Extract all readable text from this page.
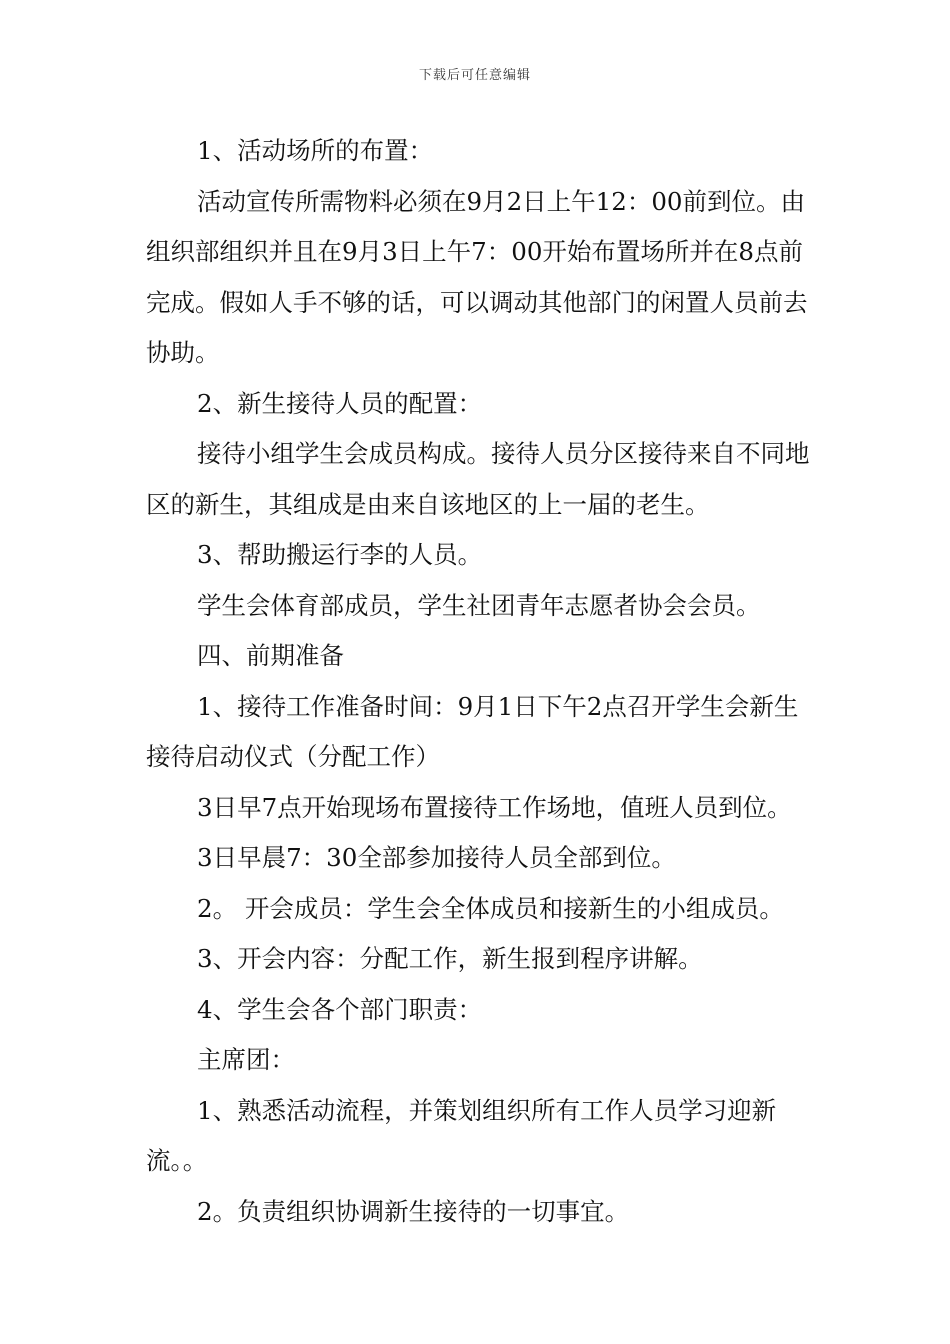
下载后可任意编辑

1、活动场所的布置：

活动宣传所需物料必须在9月2日上午12：00前到位。由组织部组织并且在9月3日上午7：00开始布置场所并在8点前完成。假如人手不够的话，可以调动其他部门的闲置人员前去协助。

2、新生接待人员的配置：

接待小组学生会成员构成。接待人员分区接待来自不同地区的新生，其组成是由来自该地区的上一届的老生。

3、帮助搬运行李的人员。

学生会体育部成员，学生社团青年志愿者协会会员。

四、前期准备

1、接待工作准备时间：9月1日下午2点召开学生会新生接待启动仪式（分配工作）

3日早7点开始现场布置接待工作场地，值班人员到位。

3日早晨7：30全部参加接待人员全部到位。

2。 开会成员：学生会全体成员和接新生的小组成员。

3、开会内容：分配工作，新生报到程序讲解。

4、学生会各个部门职责：

主席团：

1、熟悉活动流程，并策划组织所有工作人员学习迎新流。。

2。负责组织协调新生接待的一切事宜。
